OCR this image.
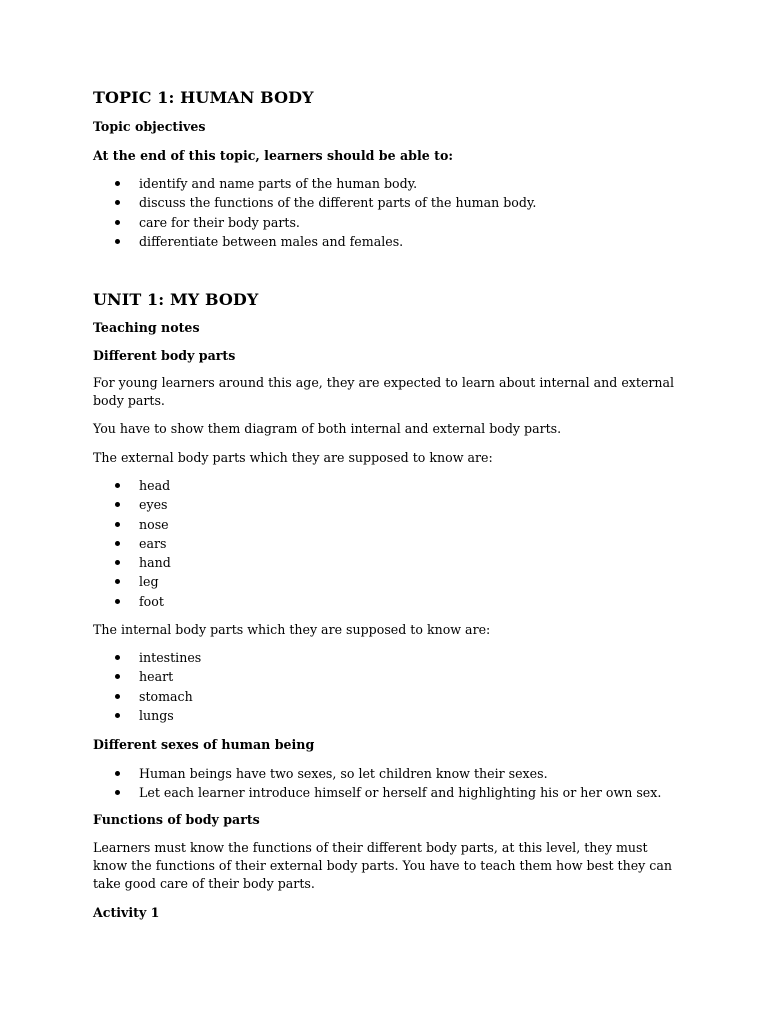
TOPIC 1: HUMAN BODY
Topic objectives
At the end of this topic, learners should be able to:
identify and name parts of the human body.
discuss the functions of the different parts of the human body.
care for their body parts.
differentiate between males and females.
UNIT 1: MY BODY
Teaching notes
Different body parts

For young learners around this age, they are expected to learn about internal and external body parts.

You have to show them diagram of both internal and external body parts.

The external body parts which they are supposed to know are:

head
eyes
nose
ears
hand
leg
foot

The internal body parts which they are supposed to know are:

intestines
heart
stomach
lungs
Different sexes of human being
Human beings have two sexes, so let children know their sexes.
Let each learner introduce himself or herself and highlighting his or her own sex.
Functions of body parts

Learners must know the functions of their different body parts, at this level, they must know the functions of their external body parts. You have to teach them how best they can take good care of their body parts.

Activity 1
